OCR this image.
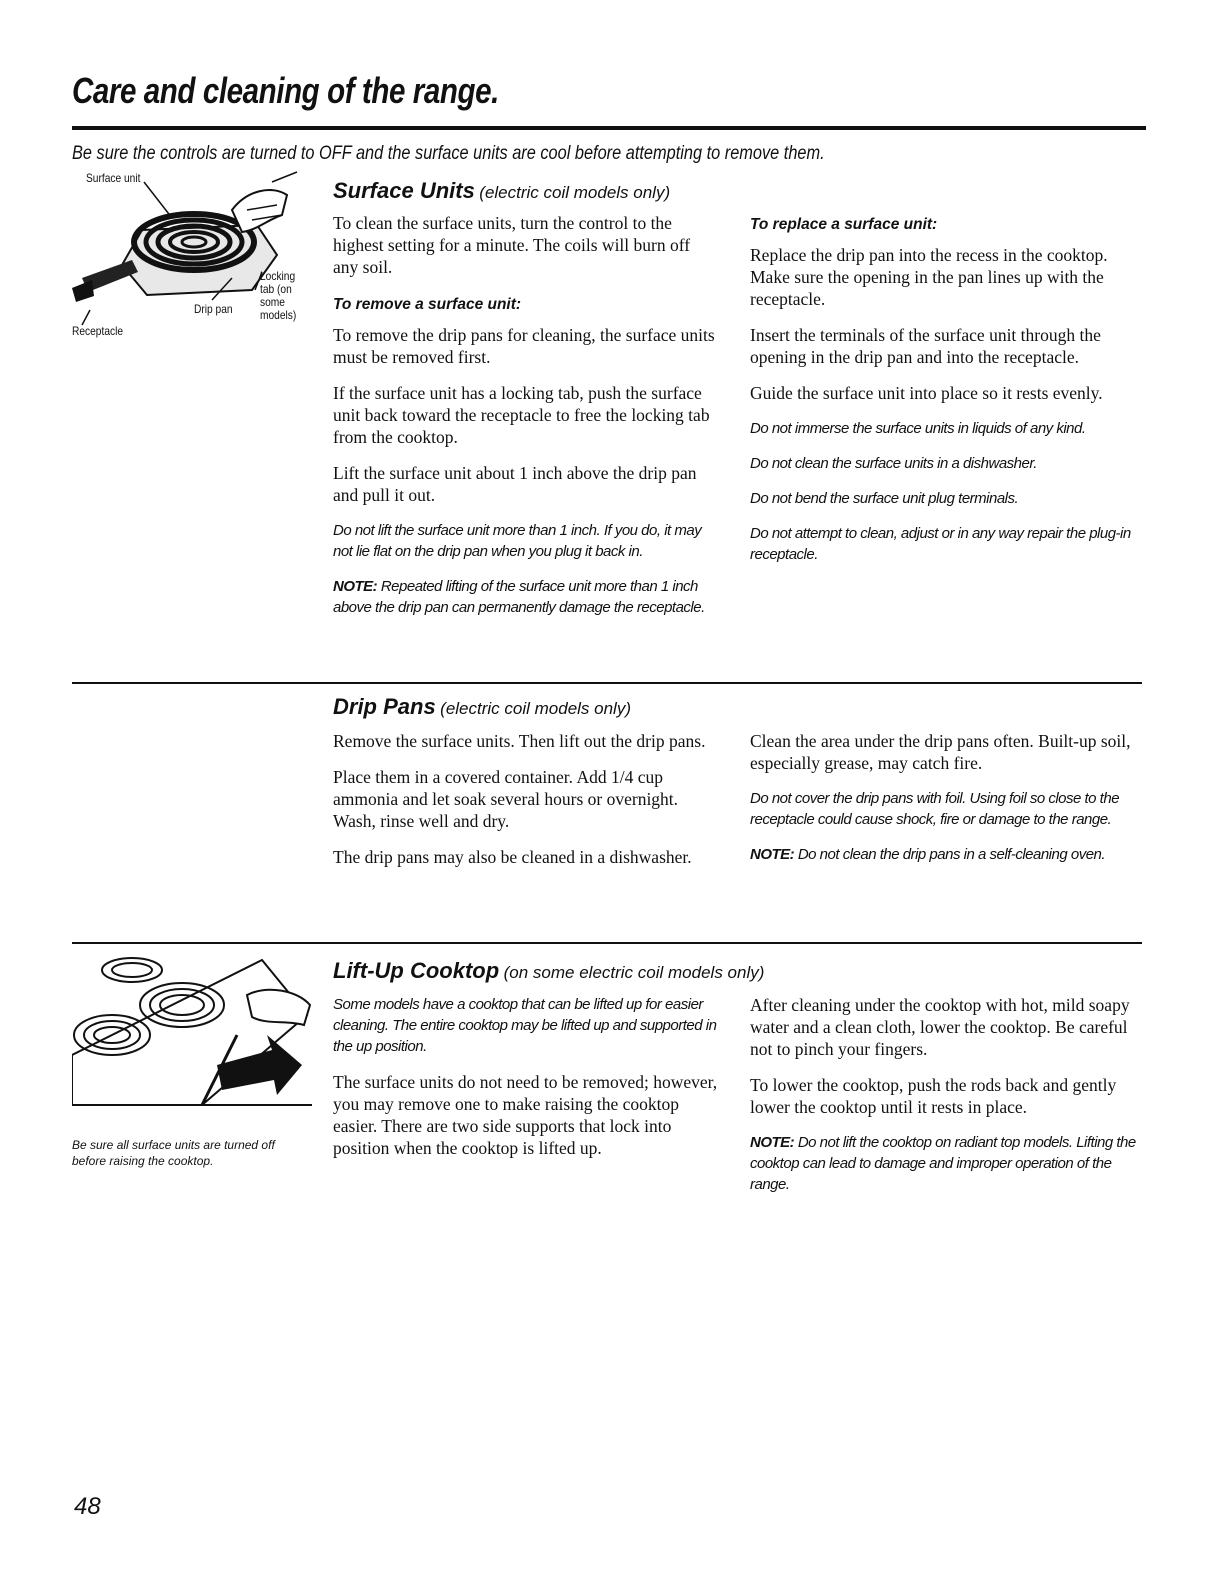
Care and cleaning of the range.
Be sure the controls are turned to OFF and the surface units are cool before attempting to remove them.
Surface unit
Locking tab (on some models)
Drip pan
Receptacle
Surface Units (electric coil models only)

To clean the surface units, turn the control to the highest setting for a minute. The coils will burn off any soil.

To remove a surface unit:

To remove the drip pans for cleaning, the surface units must be removed first.

If the surface unit has a locking tab, push the surface unit back toward the receptacle to free the locking tab from the cooktop.

Lift the surface unit about 1 inch above the drip pan and pull it out.

Do not lift the surface unit more than 1 inch. If you do, it may not lie flat on the drip pan when you plug it back in.

NOTE: Repeated lifting of the surface unit more than 1 inch above the drip pan can permanently damage the receptacle.

To replace a surface unit:

Replace the drip pan into the recess in the cooktop. Make sure the opening in the pan lines up with the receptacle.

Insert the terminals of the surface unit through the opening in the drip pan and into the receptacle.

Guide the surface unit into place so it rests evenly.

Do not immerse the surface units in liquids of any kind.

Do not clean the surface units in a dishwasher.

Do not bend the surface unit plug terminals.

Do not attempt to clean, adjust or in any way repair the plug-in receptacle.

Drip Pans (electric coil models only)

Remove the surface units. Then lift out the drip pans.

Place them in a covered container. Add 1/4 cup ammonia and let soak several hours or overnight. Wash, rinse well and dry.

The drip pans may also be cleaned in a dishwasher.

Clean the area under the drip pans often. Built-up soil, especially grease, may catch fire.

Do not cover the drip pans with foil. Using foil so close to the receptacle could cause shock, fire or damage to the range.

NOTE: Do not clean the drip pans in a self-cleaning oven.

Be sure all surface units are turned off before raising the cooktop.
Lift-Up Cooktop (on some electric coil models only)

Some models have a cooktop that can be lifted up for easier cleaning. The entire cooktop may be lifted up and supported in the up position.

The surface units do not need to be removed; however, you may remove one to make raising the cooktop easier. There are two side supports that lock into position when the cooktop is lifted up.

After cleaning under the cooktop with hot, mild soapy water and a clean cloth, lower the cooktop. Be careful not to pinch your fingers.

To lower the cooktop, push the rods back and gently lower the cooktop until it rests in place.

NOTE: Do not lift the cooktop on radiant top models. Lifting the cooktop can lead to damage and improper operation of the range.

48
